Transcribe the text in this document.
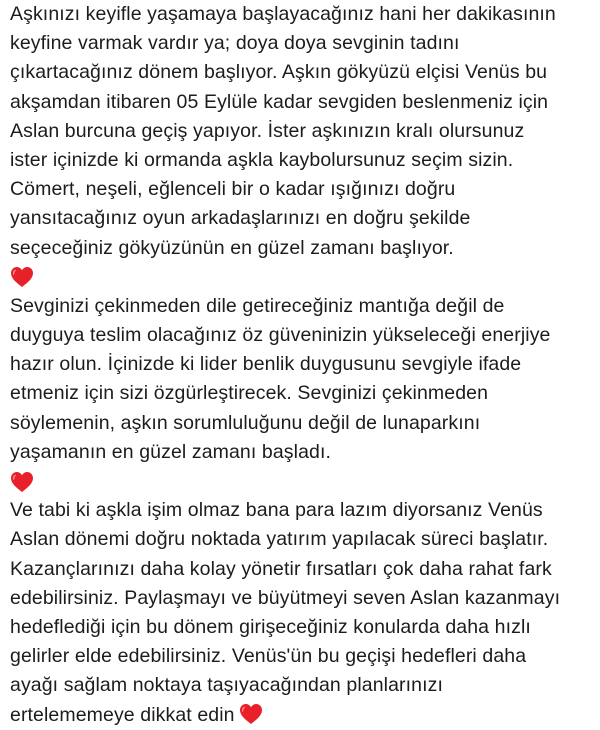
Aşkınızı keyifle yaşamaya başlayacağınız hani her dakikasının
keyfine varmak vardır ya; doya doya sevginin tadını
çıkartacağınız dönem başlıyor. Aşkın gökyüzü elçisi Venüs bu
akşamdan itibaren 05 Eylüle kadar sevgiden beslenmeniz için
Aslan burcuna geçiş yapıyor. İster aşkınızın kralı olursunuz
ister içinizde ki ormanda aşkla kaybolursunuz seçim sizin.
Cömert, neşeli, eğlenceli bir o kadar ışığınızı doğru
yansıtacağınız oyun arkadaşlarınızı en doğru şekilde
seçeceğiniz gökyüzünün en güzel zamanı başlıyor.
Sevginizi çekinmeden dile getireceğiniz mantığa değil de
duyguya teslim olacağınız öz güveninizin yükseleceği enerjiye
hazır olun. İçinizde ki lider benlik duygusunu sevgiyle ifade
etmeniz için sizi özgürleştirecek. Sevginizi çekinmeden
söylemenin, aşkın sorumluluğunu değil de lunaparkını
yaşamanın en güzel zamanı başladı.
Ve tabi ki aşkla işim olmaz bana para lazım diyorsanız Venüs
Aslan dönemi doğru noktada yatırım yapılacak süreci başlatır.
Kazançlarınızı daha kolay yönetir fırsatları çok daha rahat fark
edebilirsiniz. Paylaşmayı ve büyütmeyi seven Aslan kazanmayı
hedeflediği için bu dönem girişeceğiniz konularda daha hızlı
gelirler elde edebilirsiniz. Venüs'ün bu geçişi hedefleri daha
ayağı sağlam noktaya taşıyacağından planlarınızı
ertelememeye dikkat edin
